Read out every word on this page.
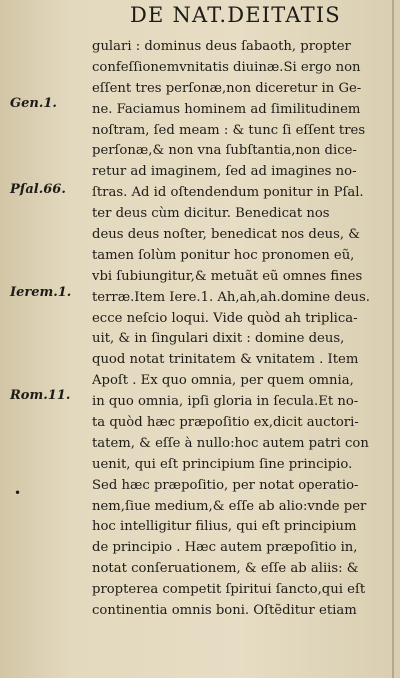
DE NAT.DEITATIS
Gen.1.
Pſal.66.
Ierem.1.
Rom.11.
•
gulari : dominus deus ſabaoth, propter
confeſſionemvnitatis diuinæ.Si ergo non
eſſent tres perſonæ,non diceretur in Ge-
ne. Faciamus hominem ad ſimilitudinem
noſtram, ſed meam : & tunc ſi eſſent tres
perſonæ,& non vna ſubſtantia,non dice-
retur ad imaginem, ſed ad imagines no-
ſtras. Ad id oſtendendum ponitur in Pſal.
ter deus cùm dicitur. Benedicat nos
deus deus noſter, benedicat nos deus, &
tamen ſolùm ponitur hoc pronomen eũ,
vbi ſubiungitur,& metuãt eũ omnes fines
terræ.Item Iere.1. Ah,ah,ah.domine deus.
ecce neſcio loqui. Vide quòd ah triplica-
uit, & in ſingulari dixit : domine deus,
quod notat trinitatem & vnitatem . Item
Apoſt . Ex quo omnia, per quem omnia,
in quo omnia, ipſi gloria in ſecula.Et no-
ta quòd hæc præpoſitio ex,dicit auctori-
tatem, & eſſe à nullo:hoc autem patri con
uenit, qui eſt principium ſine principio.
Sed hæc præpoſitio, per notat operatio-
nem,ſiue medium,& eſſe ab alio:vnde per
hoc intelligitur filius, qui eſt principium
de principio . Hæc autem præpoſitio in,
notat conſeruationem, & eſſe ab aliis: &
propterea competit ſpiritui ſancto,qui eſt
continentia omnis boni. Oſtẽditur etiam
